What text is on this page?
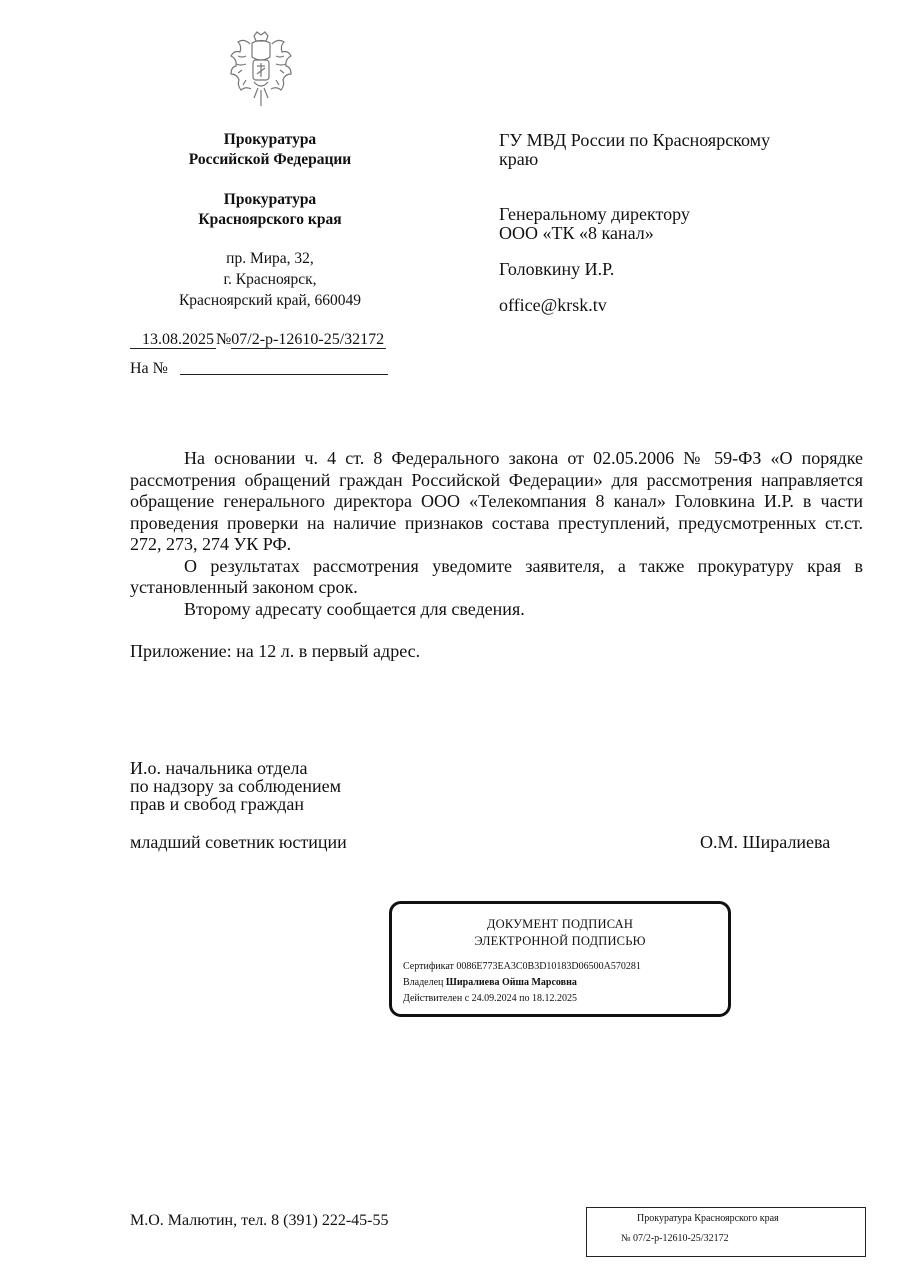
Прокуратура
Российской Федерации
Прокуратура
Красноярского края
пр. Мира, 32,
г. Красноярск,
Красноярский край, 660049
13.08.2025 №07/2-р-12610-25/32172
На №
ГУ МВД России по Красноярскому
краю
Генеральному директору
ООО «ТК «8 канал»
Головкину И.Р.
office@krsk.tv

На основании ч. 4 ст. 8 Федерального закона от 02.05.2006 № 59-ФЗ «О порядке рассмотрения обращений граждан Российской Федерации» для рассмотрения направляется обращение генерального директора ООО «Телекомпания 8 канал» Головкина И.Р. в части проведения проверки на наличие признаков состава преступлений, предусмотренных ст.ст. 272, 273, 274 УК РФ.

О результатах рассмотрения уведомите заявителя, а также прокуратуру края в установленный законом срок.

Второму адресату сообщается для сведения.

Приложение: на 12 л. в первый адрес.

И.о. начальника отдела
по надзору за соблюдением
прав и свобод граждан
младший советник юстиции	О.М. Ширалиева
ДОКУМЕНТ ПОДПИСАН
ЭЛЕКТРОННОЙ ПОДПИСЬЮ
Сертификат 0086E773EA3C0B3D10183D06500A570281
Владелец Ширалиева Ойша Марсовна
Действителен с 24.09.2024 по 18.12.2025
М.О. Малютин, тел. 8 (391) 222-45-55	Прокуратура Красноярского края
№ 07/2-р-12610-25/32172
